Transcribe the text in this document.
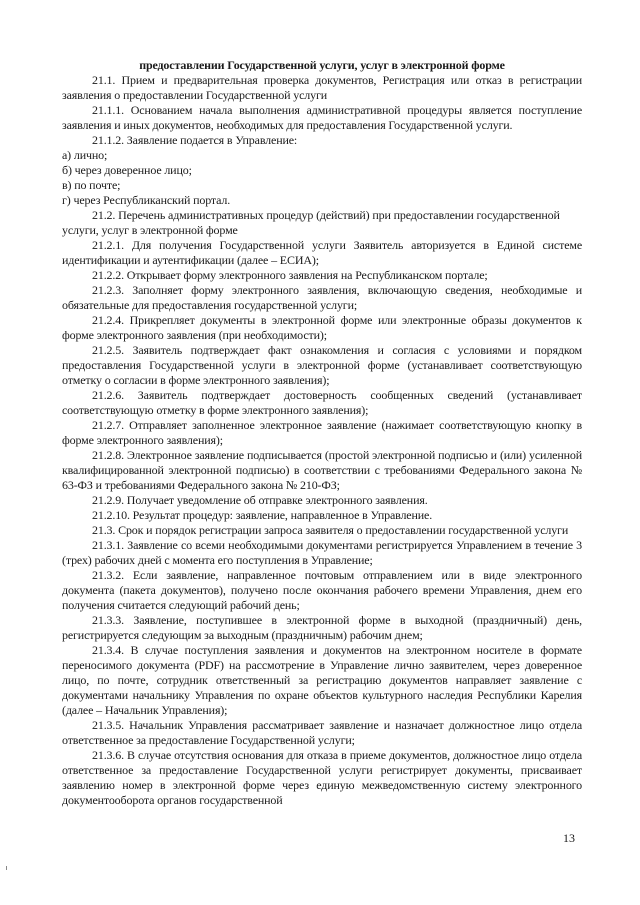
предоставлении Государственной услуги, услуг в электронной форме

21.1. Прием и предварительная проверка документов, Регистрация или отказ в регистрации заявления о предоставлении Государственной услуги

21.1.1. Основанием начала выполнения административной процедуры является поступление заявления и иных документов, необходимых для предоставления Государственной услуги.

21.1.2. Заявление подается в Управление:

а) лично;

б) через доверенное лицо;

в) по почте;

г) через Республиканский портал.

21.2. Перечень административных процедур (действий) при предоставлении государственной услуги, услуг в электронной форме

21.2.1. Для получения Государственной услуги Заявитель авторизуется в Единой системе идентификации и аутентификации (далее – ЕСИА);

21.2.2. Открывает форму электронного заявления на Республиканском портале;

21.2.3. Заполняет форму электронного заявления, включающую сведения, необходимые и обязательные для предоставления государственной услуги;

21.2.4. Прикрепляет документы в электронной форме или электронные образы документов к форме электронного заявления (при необходимости);

21.2.5. Заявитель подтверждает факт ознакомления и согласия с условиями и порядком предоставления Государственной услуги в электронной форме (устанавливает соответствующую отметку о согласии в форме электронного заявления);

21.2.6. Заявитель подтверждает достоверность сообщенных сведений (устанавливает соответствующую отметку в форме электронного заявления);

21.2.7. Отправляет заполненное электронное заявление (нажимает соответствующую кнопку в форме электронного заявления);

21.2.8. Электронное заявление подписывается (простой электронной подписью и (или) усиленной квалифицированной электронной подписью) в соответствии с требованиями Федерального закона № 63-ФЗ и требованиями Федерального закона № 210-ФЗ;

21.2.9. Получает уведомление об отправке электронного заявления.

21.2.10. Результат процедур: заявление, направленное в Управление.

21.3. Срок и порядок регистрации запроса заявителя о предоставлении государственной услуги

21.3.1. Заявление со всеми необходимыми документами регистрируется Управлением в течение 3 (трех) рабочих дней с момента его поступления в Управление;

21.3.2. Если заявление, направленное почтовым отправлением или в виде электронного документа (пакета документов), получено после окончания рабочего времени Управления, днем его получения считается следующий рабочий день;

21.3.3. Заявление, поступившее в электронной форме в выходной (праздничный) день, регистрируется следующим за выходным (праздничным) рабочим днем;

21.3.4. В случае поступления заявления и документов на электронном носителе в формате переносимого документа (PDF) на рассмотрение в Управление лично заявителем, через доверенное лицо, по почте, сотрудник ответственный за регистрацию документов направляет заявление с документами начальнику Управления по охране объектов культурного наследия Республики Карелия (далее – Начальник Управления);

21.3.5. Начальник Управления рассматривает заявление и назначает должностное лицо отдела ответственное за предоставление Государственной услуги;

21.3.6. В случае отсутствия основания для отказа в приеме документов, должностное лицо отдела ответственное за предоставление Государственной услуги регистрирует документы, присваивает заявлению номер в электронной форме через единую межведомственную систему электронного документооборота органов государственной

13
